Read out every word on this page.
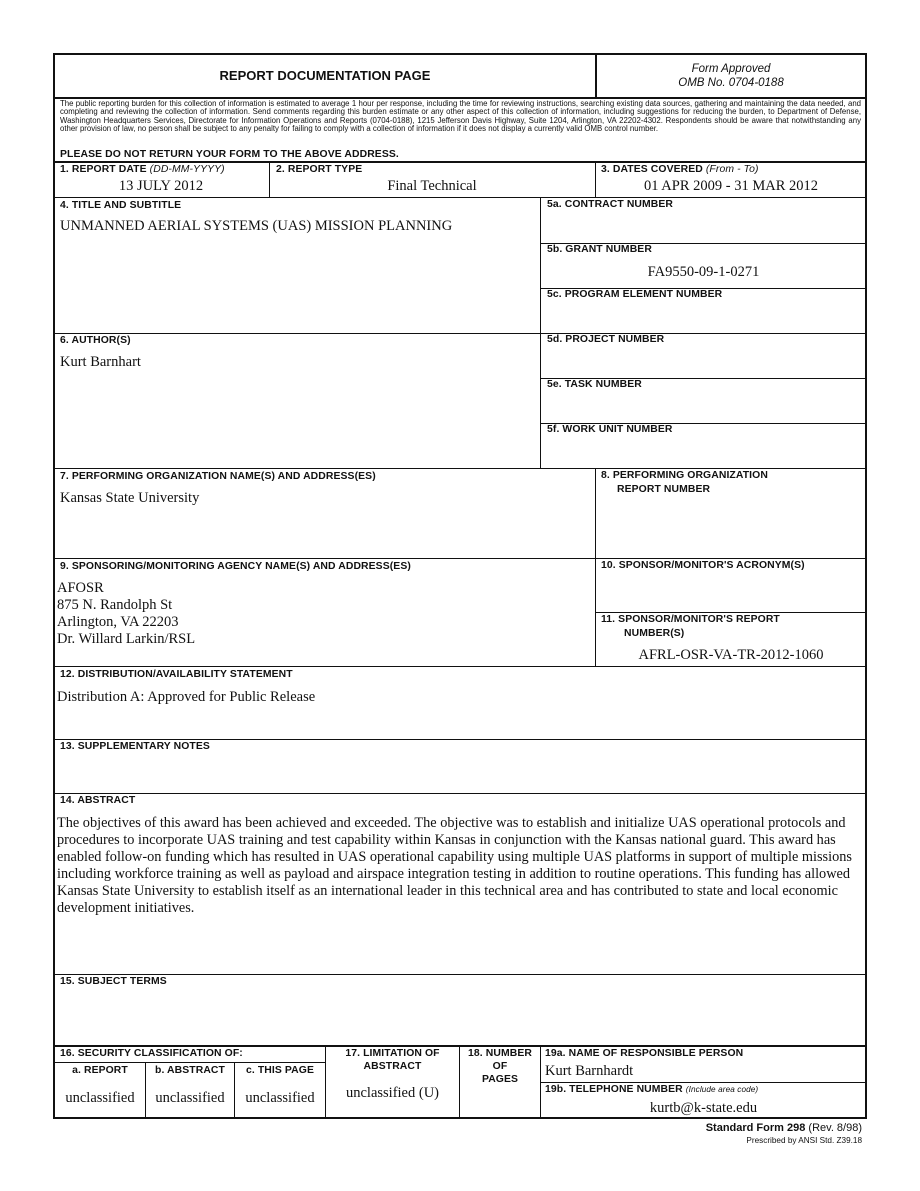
REPORT DOCUMENTATION PAGE	Form Approved
OMB No. 0704-0188
The public reporting burden for this collection of information is estimated to average 1 hour per response, including the time for reviewing instructions, searching existing data sources, gathering and maintaining the data needed, and completing and reviewing the collection of information. Send comments regarding this burden estimate or any other aspect of this collection of information, including suggestions for reducing the burden, to Department of Defense, Washington Headquarters Services, Directorate for Information Operations and Reports (0704-0188), 1215 Jefferson Davis Highway, Suite 1204, Arlington, VA 22202-4302. Respondents should be aware that notwithstanding any other provision of law, no person shall be subject to any penalty for failing to comply with a collection of information if it does not display a currently valid OMB control number.
PLEASE DO NOT RETURN YOUR FORM TO THE ABOVE ADDRESS.
1. REPORT DATE (DD-MM-YYYY)
13 JULY 2012
2. REPORT TYPE
Final Technical
3. DATES COVERED (From - To)
01 APR 2009 - 31 MAR 2012
4. TITLE AND SUBTITLE
UNMANNED AERIAL SYSTEMS (UAS) MISSION PLANNING
5a. CONTRACT NUMBER
5b. GRANT NUMBER
FA9550-09-1-0271
5c. PROGRAM ELEMENT NUMBER
6. AUTHOR(S)
Kurt Barnhart
5d. PROJECT NUMBER
5e. TASK NUMBER
5f. WORK UNIT NUMBER
7. PERFORMING ORGANIZATION NAME(S) AND ADDRESS(ES)
Kansas State University
8. PERFORMING ORGANIZATION
REPORT NUMBER
9. SPONSORING/MONITORING AGENCY NAME(S) AND ADDRESS(ES)
AFOSR
875 N. Randolph St
Arlington, VA 22203
Dr. Willard Larkin/RSL
10. SPONSOR/MONITOR'S ACRONYM(S)
11. SPONSOR/MONITOR'S REPORT
NUMBER(S)
AFRL-OSR-VA-TR-2012-1060
12. DISTRIBUTION/AVAILABILITY STATEMENT
Distribution A: Approved for Public Release
13. SUPPLEMENTARY NOTES
14. ABSTRACT
The objectives of this award has been achieved and exceeded. The objective was to establish and initialize UAS operational protocols and procedures to incorporate UAS training and test capability within Kansas in conjunction with the Kansas national guard. This award has enabled follow-on funding which has resulted in UAS operational capability using multiple UAS platforms in support of multiple missions including workforce training as well as payload and airspace integration testing in addition to routine operations. This funding has allowed Kansas State University to establish itself as an international leader in this technical area and has contributed to state and local economic development initiatives.
15. SUBJECT TERMS
16. SECURITY CLASSIFICATION OF:
a. REPORT	b. ABSTRACT	c. THIS PAGE
unclassified	unclassified	unclassified
17. LIMITATION OF
ABSTRACT
unclassified (U)
18. NUMBER
OF
PAGES
19a. NAME OF RESPONSIBLE PERSON
Kurt Barnhardt
19b. TELEPHONE NUMBER (Include area code)
kurtb@k-state.edu
Standard Form 298 (Rev. 8/98)
Prescribed by ANSI Std. Z39.18
